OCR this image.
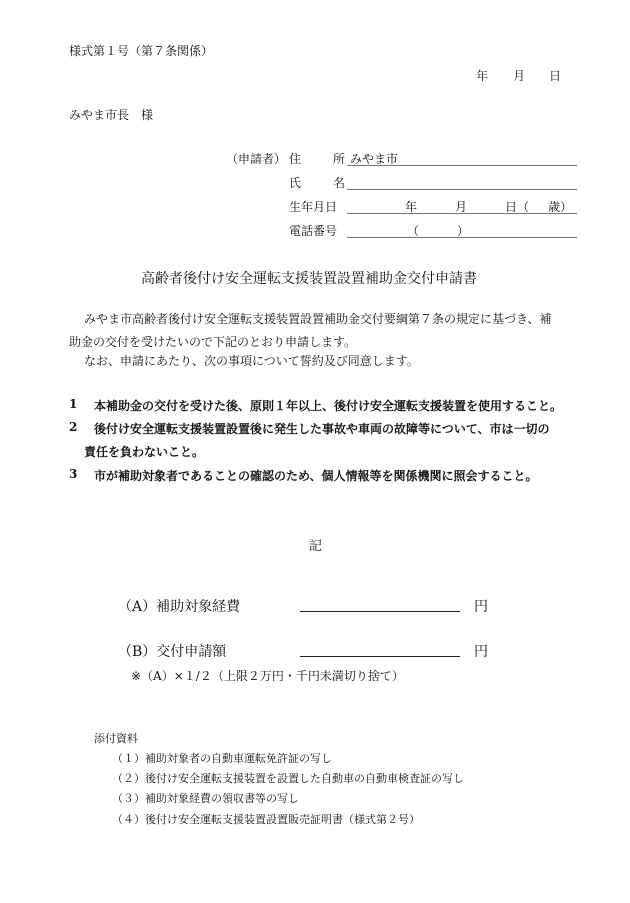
様式第１号（第７条関係）
年 月 日
みやま市長　様
（申請者） 住	所 みやま市
氏	名
生年月日	年	月	日（ 歳）
電話番号	（	）
高齢者後付け安全運転支援装置設置補助金交付申請書
みやま市高齢者後付け安全運転支援装置設置補助金交付要綱第７条の規定に基づき、補
助金の交付を受けたいので下記のとおり申請します。
なお、申請にあたり、次の事項について誓約及び同意します。
1 本補助金の交付を受けた後、原則１年以上、後付け安全運転支援装置を使用すること。
2 後付け安全運転支援装置設置後に発生した事故や車両の故障等について、市は一切の
責任を負わないこと。
3 市が補助対象者であることの確認のため、個人情報等を関係機関に照会すること。
記
（A）補助対象経費	円
（B）交付申請額	円
※（A）×１/２（上限２万円・千円未満切り捨て）
添付資料
（１） 補助対象者の自動車運転免許証の写し
（２） 後付け安全運転支援装置を設置した自動車の自動車検査証の写し
（３） 補助対象経費の領収書等の写し
（４） 後付け安全運転支援装置設置販売証明書（様式第２号）
